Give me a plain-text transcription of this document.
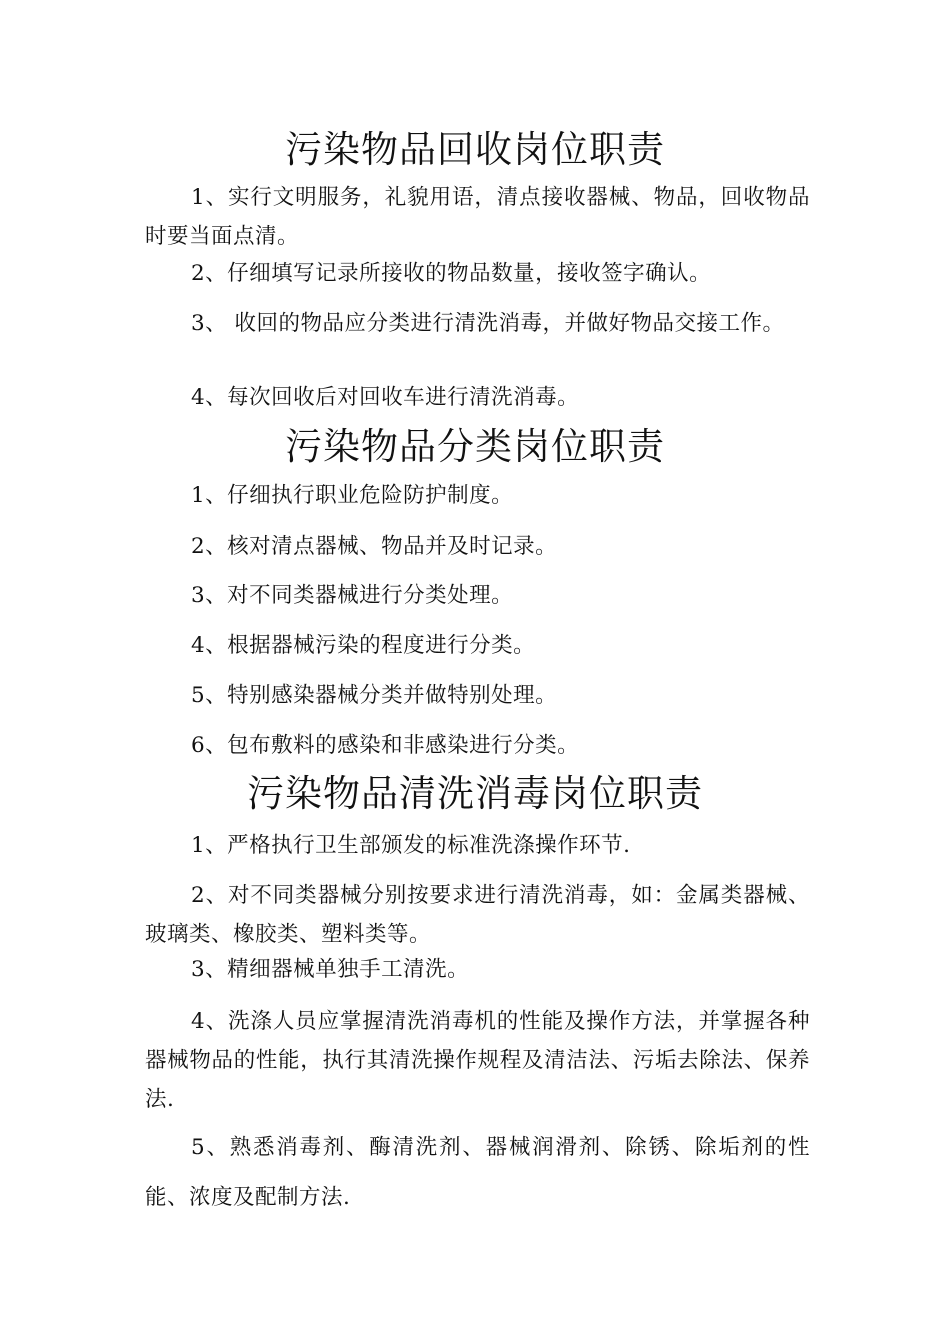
污染物品回收岗位职责

1、实行文明服务，礼貌用语，清点接收器械、物品，回收物品时要当面点清。

2、仔细填写记录所接收的物品数量，接收签字确认。

3、 收回的物品应分类进行清洗消毒，并做好物品交接工作。

4、每次回收后对回收车进行清洗消毒。

污染物品分类岗位职责

1、仔细执行职业危险防护制度。

2、核对清点器械、物品并及时记录。

3、对不同类器械进行分类处理。

4、根据器械污染的程度进行分类。

5、特别感染器械分类并做特别处理。

6、包布敷料的感染和非感染进行分类。

污染物品清洗消毒岗位职责

1、严格执行卫生部颁发的标准洗涤操作环节.

2、对不同类器械分别按要求进行清洗消毒，如：金属类器械、玻璃类、橡胶类、塑料类等。

3、精细器械单独手工清洗。

4、洗涤人员应掌握清洗消毒机的性能及操作方法，并掌握各种器械物品的性能，执行其清洗操作规程及清洁法、污垢去除法、保养法.

5、熟悉消毒剂、酶清洗剂、器械润滑剂、除锈、除垢剂的性能、浓度及配制方法.
